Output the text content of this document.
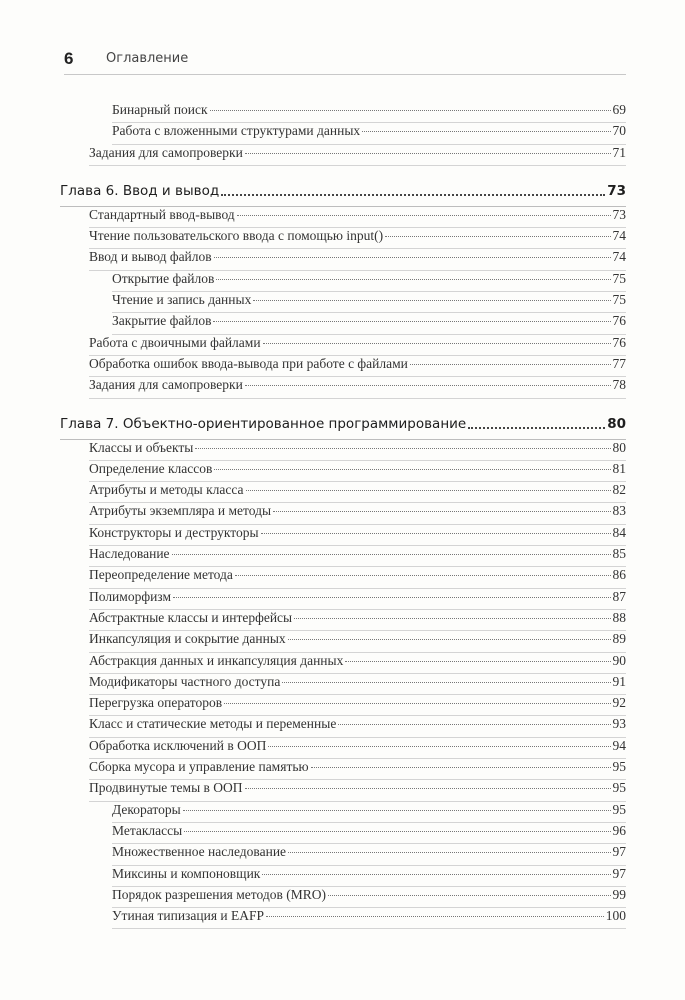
6	Оглавление
Бинарный поиск	69
Работа с вложенными структурами данных	70
Задания для самопроверки	71
Глава 6. Ввод и вывод	73
Стандартный ввод-вывод	73
Чтение пользовательского ввода с помощью input()	74
Ввод и вывод файлов	74
Открытие файлов	75
Чтение и запись данных	75
Закрытие файлов	76
Работа с двоичными файлами	76
Обработка ошибок ввода-вывода при работе с файлами	77
Задания для самопроверки	78
Глава 7. Объектно-ориентированное программирование	80
Классы и объекты	80
Определение классов	81
Атрибуты и методы класса	82
Атрибуты экземпляра и методы	83
Конструкторы и деструкторы	84
Наследование	85
Переопределение метода	86
Полиморфизм	87
Абстрактные классы и интерфейсы	88
Инкапсуляция и сокрытие данных	89
Абстракция данных и инкапсуляция данных	90
Модификаторы частного доступа	91
Перегрузка операторов	92
Класс и статические методы и переменные	93
Обработка исключений в ООП	94
Сборка мусора и управление памятью	95
Продвинутые темы в ООП	95
Декораторы	95
Метаклассы	96
Множественное наследование	97
Миксины и компоновщик	97
Порядок разрешения методов (MRO)	99
Утиная типизация и EAFP	100
